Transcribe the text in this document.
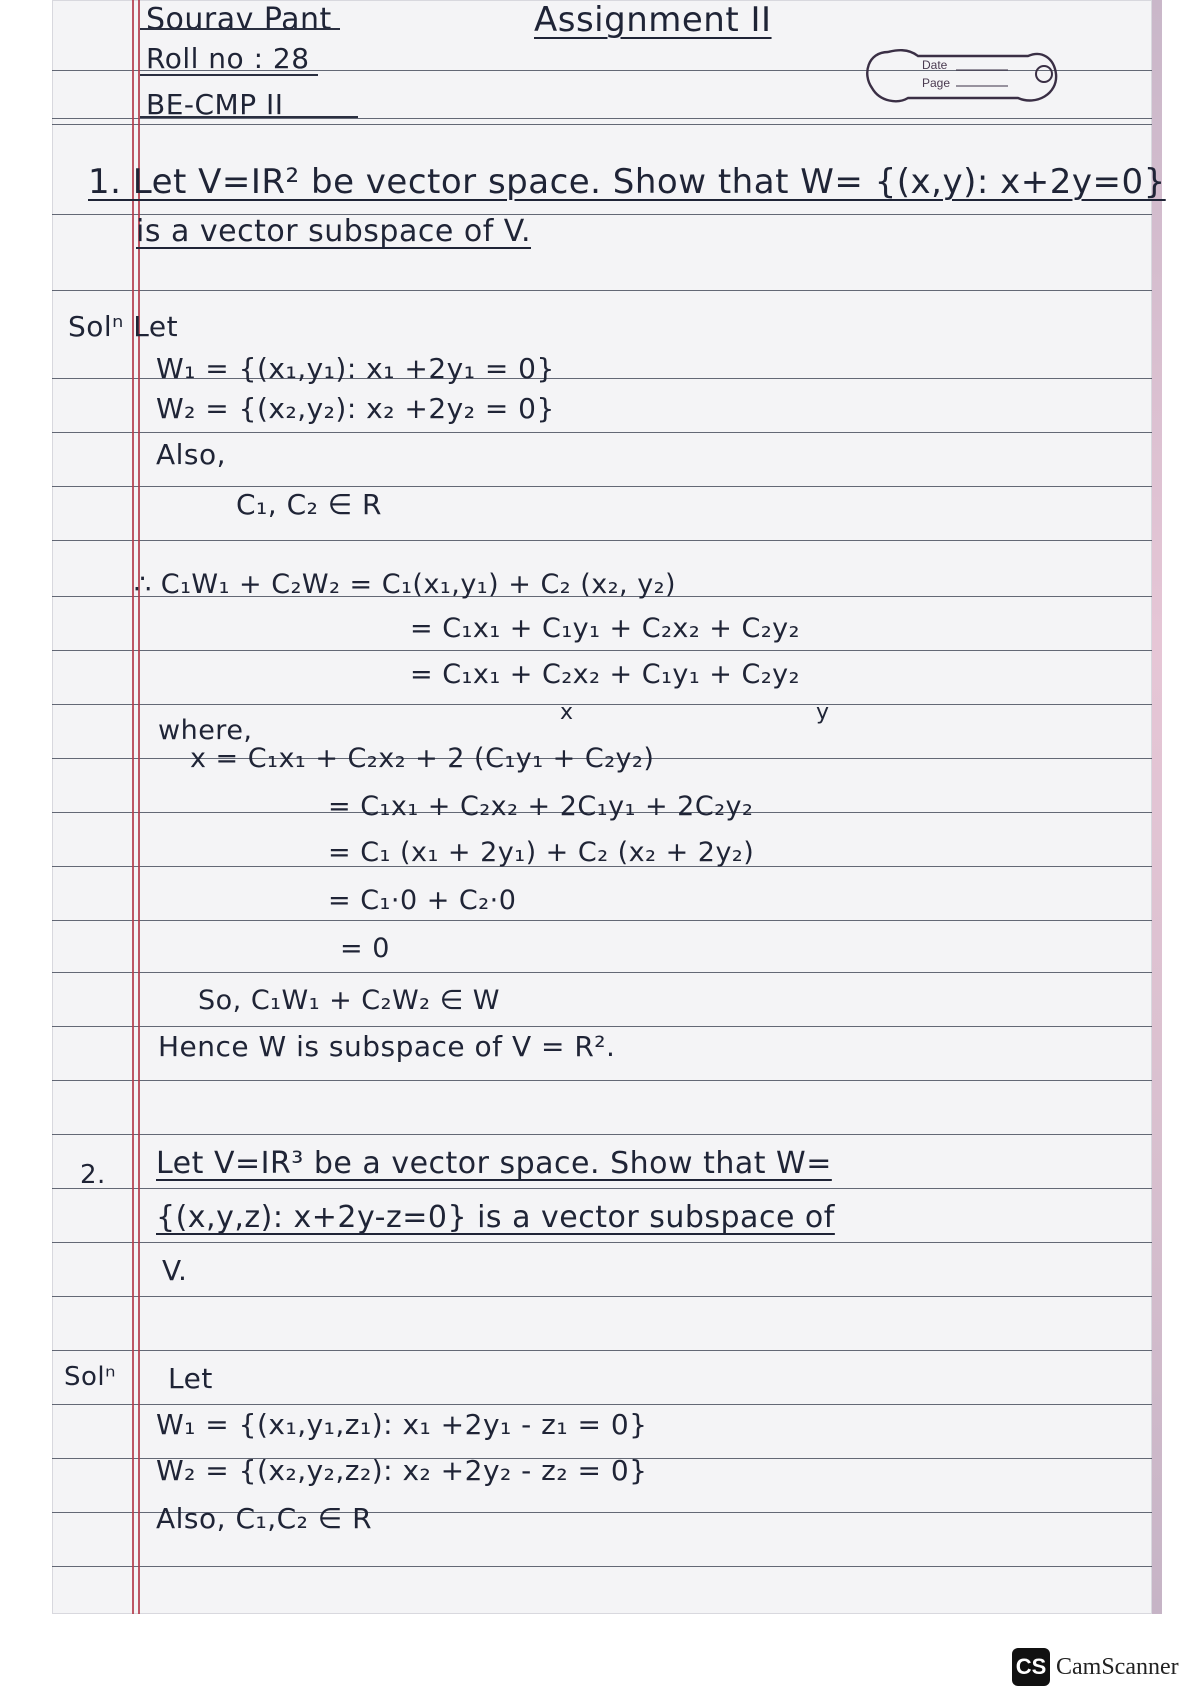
Sourav Pant
Roll no : 28
BE-CMP II
Assignment II
Date
Page
1. Let V=IR² be vector space. Show that W= {(x,y): x+2y=0}
is a vector subspace of V.
Solⁿ Let
W₁ = {(x₁,y₁): x₁ +2y₁ = 0}
W₂ = {(x₂,y₂): x₂ +2y₂ = 0}
Also,
C₁, C₂ ∈ R
∴ C₁W₁ + C₂W₂ = C₁(x₁,y₁) + C₂ (x₂, y₂)
= C₁x₁ + C₁y₁ + C₂x₂ + C₂y₂
= C₁x₁ + C₂x₂ + C₁y₁ + C₂y₂
where,
x	y
x = C₁x₁ + C₂x₂ + 2 (C₁y₁ + C₂y₂)
= C₁x₁ + C₂x₂ + 2C₁y₁ + 2C₂y₂
= C₁ (x₁ + 2y₁) + C₂ (x₂ + 2y₂)
= C₁·0 + C₂·0
= 0
So, C₁W₁ + C₂W₂ ∈ W
Hence W is subspace of V = R².
2. Let V=IR³ be a vector space. Show that W=
{(x,y,z): x+2y-z=0} is a vector subspace of
V.
Solⁿ Let
W₁ = {(x₁,y₁,z₁): x₁ +2y₁ - z₁ = 0}
W₂ = {(x₂,y₂,z₂): x₂ +2y₂ - z₂ = 0}
Also, C₁,C₂ ∈ R
CS CamScanner
